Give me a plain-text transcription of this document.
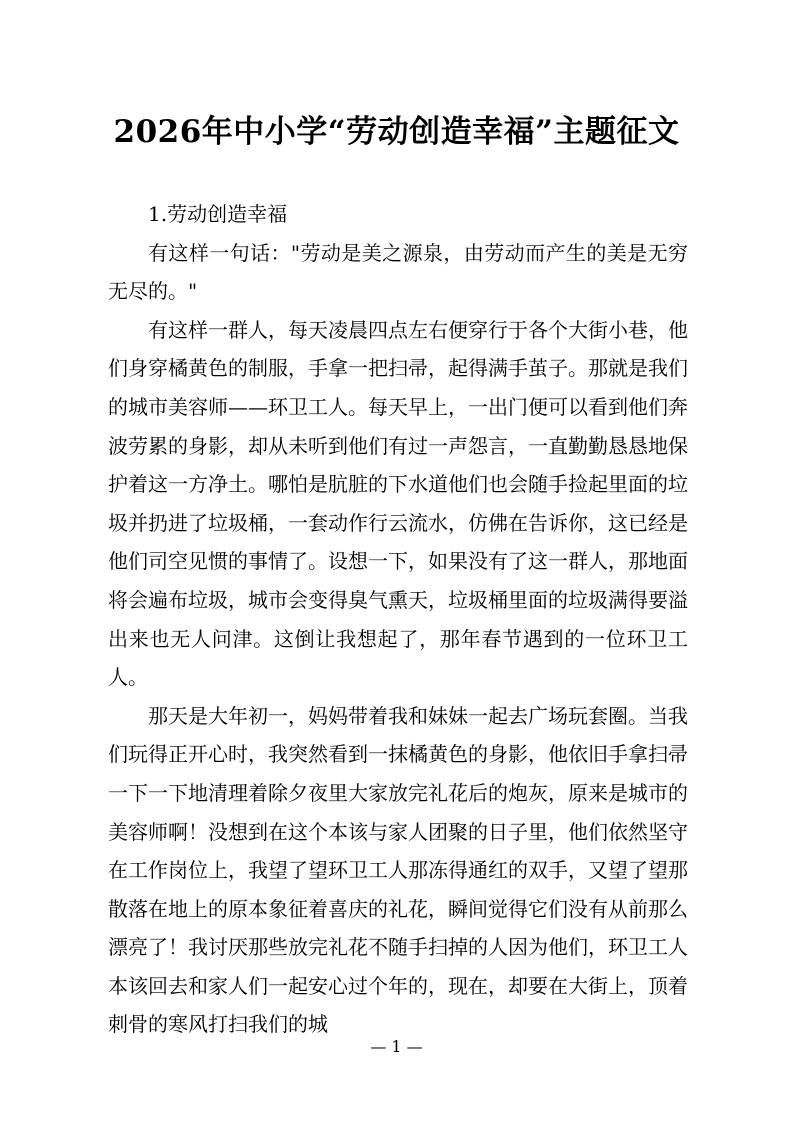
2026年中小学“劳动创造幸福”主题征文

1.劳动创造幸福

有这样一句话："劳动是美之源泉，由劳动而产生的美是无穷无尽的。"

有这样一群人，每天凌晨四点左右便穿行于各个大街小巷，他们身穿橘黄色的制服，手拿一把扫帚，起得满手茧子。那就是我们的城市美容师——环卫工人。每天早上，一出门便可以看到他们奔波劳累的身影，却从未听到他们有过一声怨言，一直勤勤恳恳地保护着这一方净土。哪怕是肮脏的下水道他们也会随手捡起里面的垃圾并扔进了垃圾桶，一套动作行云流水，仿佛在告诉你，这已经是他们司空见惯的事情了。设想一下，如果没有了这一群人，那地面将会遍布垃圾，城市会变得臭气熏天，垃圾桶里面的垃圾满得要溢出来也无人问津。这倒让我想起了，那年春节遇到的一位环卫工人。

那天是大年初一，妈妈带着我和妹妹一起去广场玩套圈。当我们玩得正开心时，我突然看到一抹橘黄色的身影，他依旧手拿扫帚一下一下地清理着除夕夜里大家放完礼花后的炮灰，原来是城市的美容师啊！没想到在这个本该与家人团聚的日子里，他们依然坚守在工作岗位上，我望了望环卫工人那冻得通红的双手，又望了望那散落在地上的原本象征着喜庆的礼花，瞬间觉得它们没有从前那么漂亮了！我讨厌那些放完礼花不随手扫掉的人因为他们，环卫工人本该回去和家人们一起安心过个年的，现在，却要在大街上，顶着刺骨的寒风打扫我们的城

— 1 —
